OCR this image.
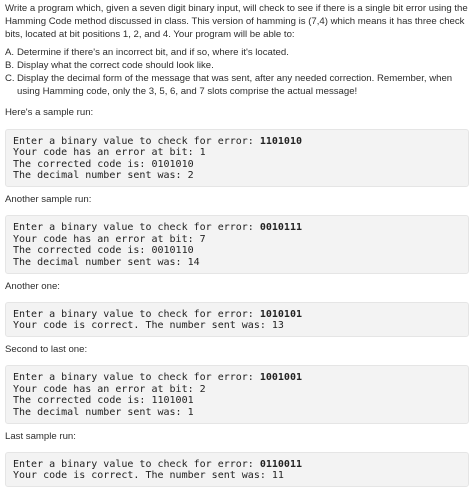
Write a program which, given a seven digit binary input, will check to see if there is a single bit error using the Hamming Code method discussed in class. This version of hamming is (7,4) which means it has three check bits, located at bit positions 1, 2, and 4. Your program will be able to:

A. Determine if there's an incorrect bit, and if so, where it's located.
B. Display what the correct code should look like.
C. Display the decimal form of the message that was sent, after any needed correction. Remember, when using Hamming code, only the 3, 5, 6, and 7 slots comprise the actual message!

Here's a sample run:

Enter a binary value to check for error: 1101010
Your code has an error at bit: 1
The corrected code is: 0101010
The decimal number sent was: 2

Another sample run:

Enter a binary value to check for error: 0010111
Your code has an error at bit: 7
The corrected code is: 0010110
The decimal number sent was: 14

Another one:

Enter a binary value to check for error: 1010101
Your code is correct. The number sent was: 13

Second to last one:

Enter a binary value to check for error: 1001001
Your code has an error at bit: 2
The corrected code is: 1101001
The decimal number sent was: 1

Last sample run:

Enter a binary value to check for error: 0110011
Your code is correct. The number sent was: 11
